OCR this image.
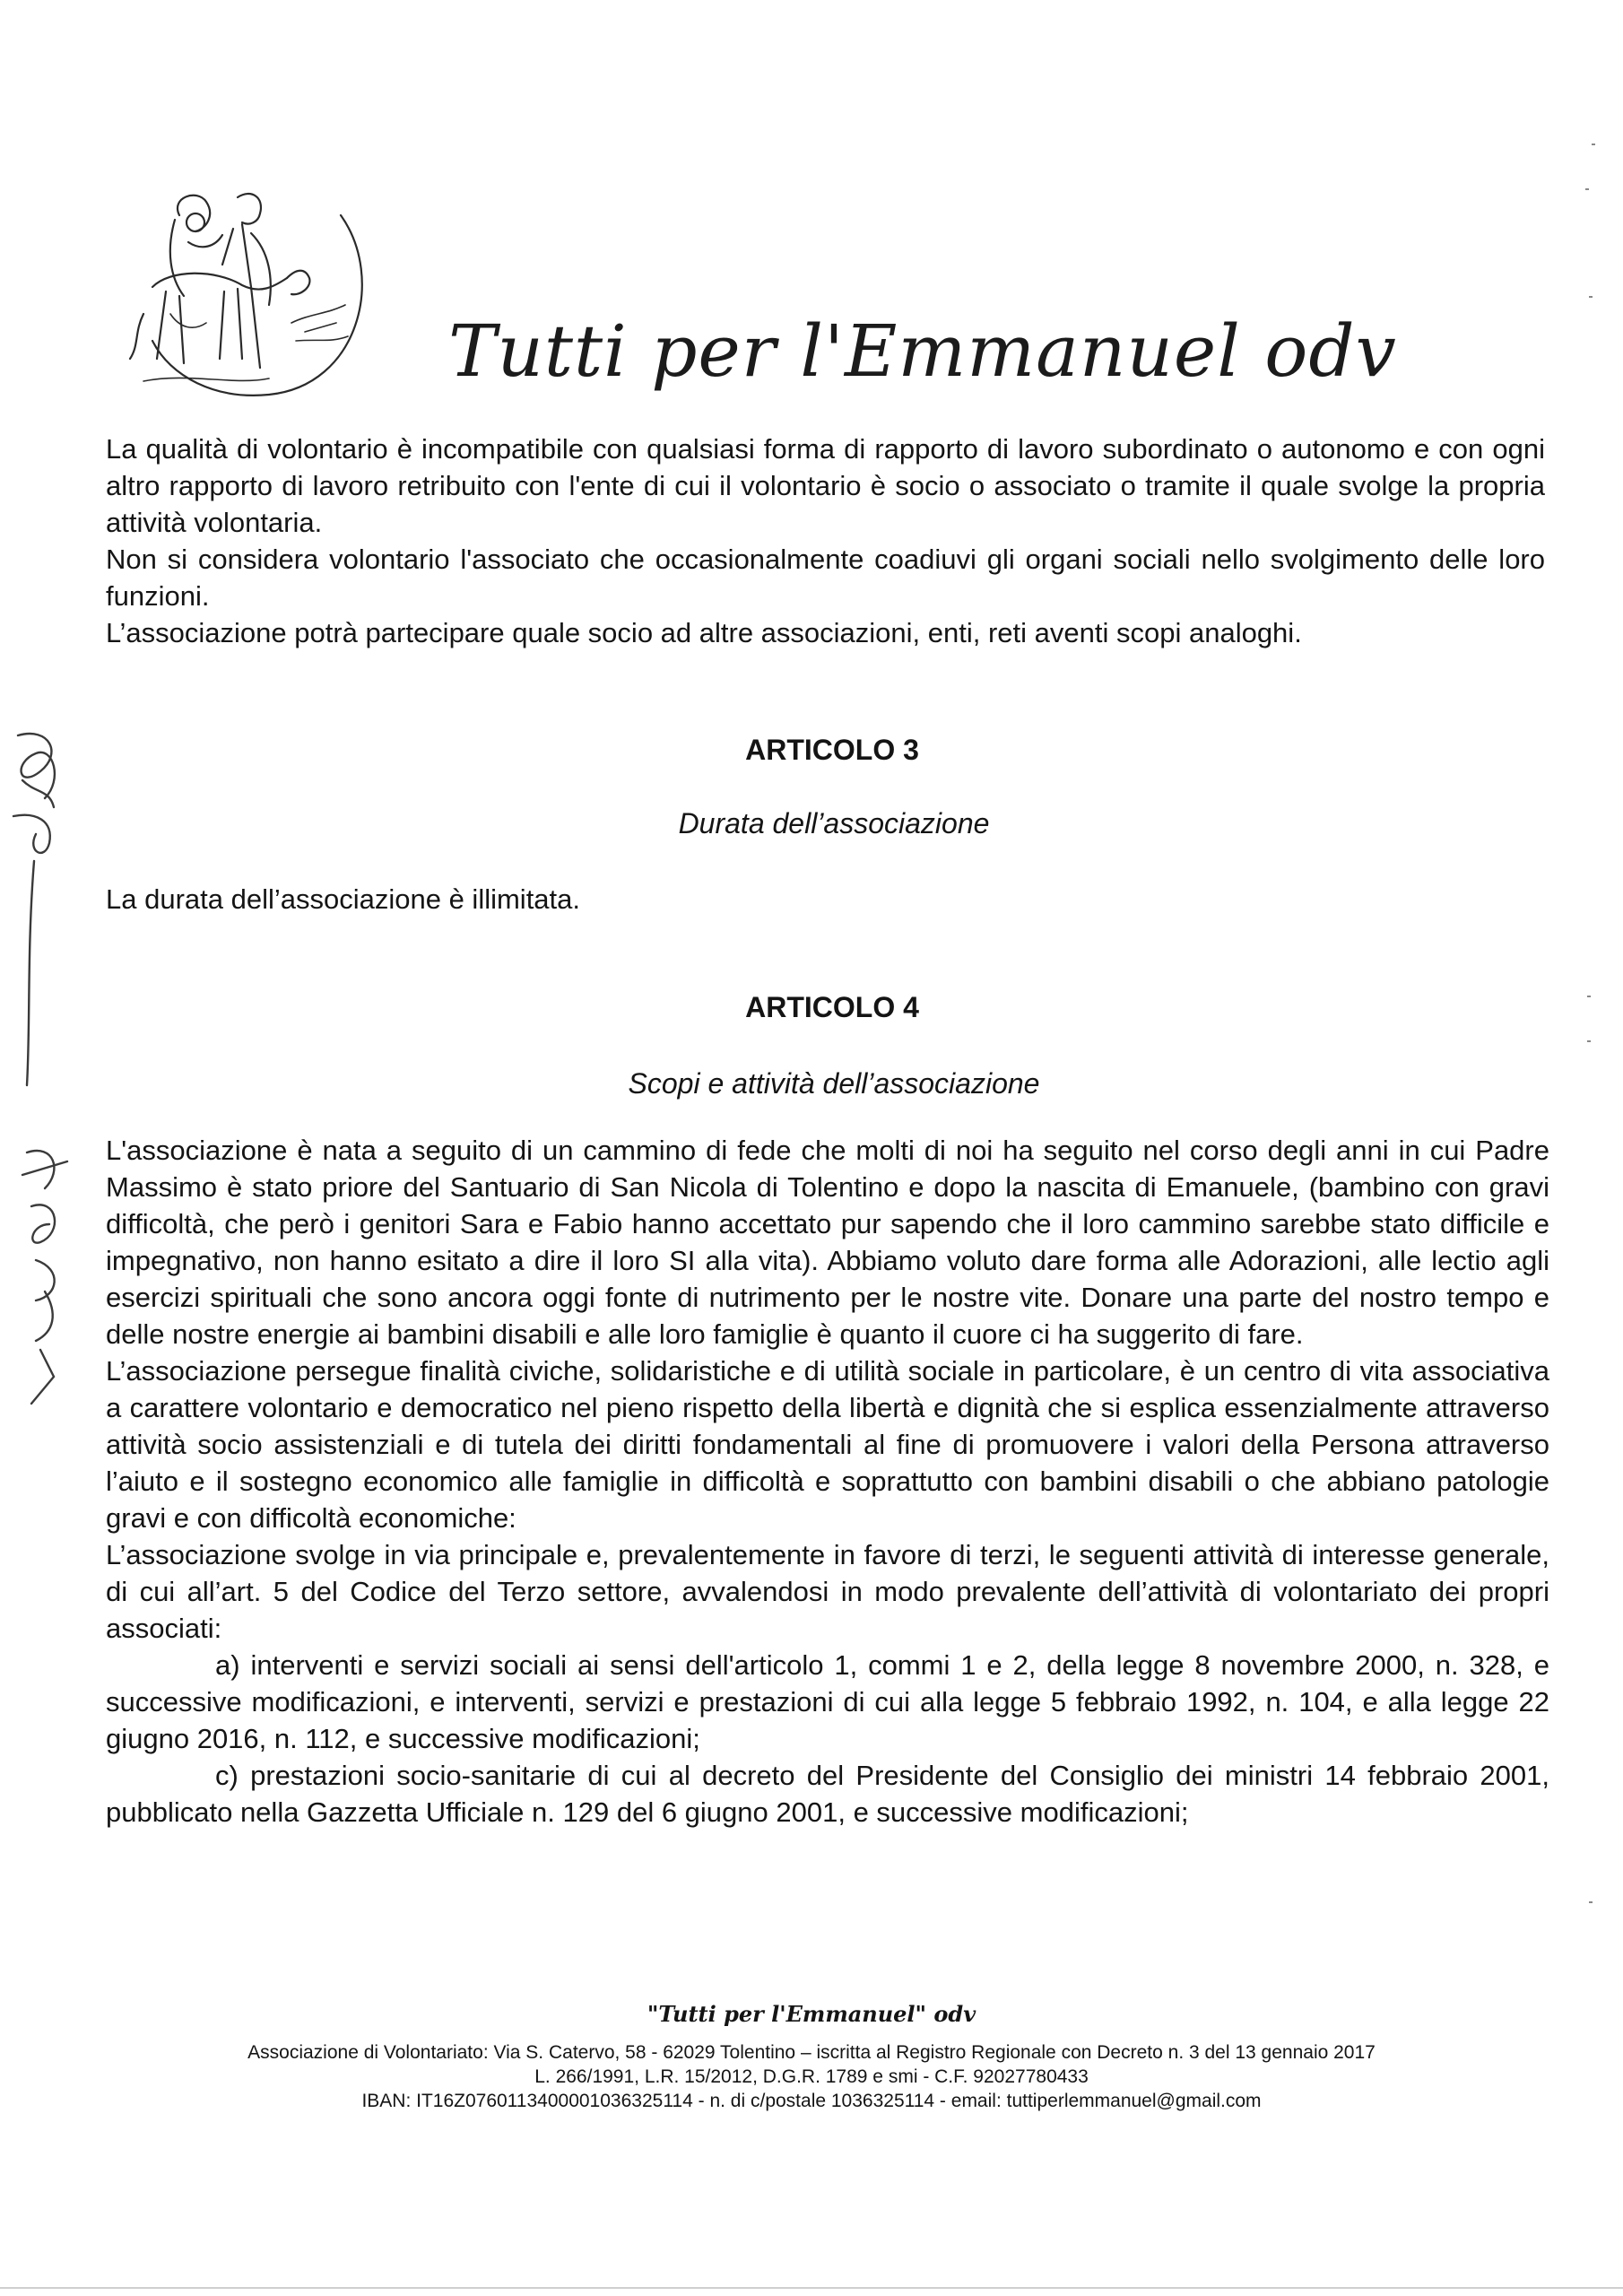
Tutti per l'Emmanuel odv

La qualità di volontario è incompatibile con qualsiasi forma di rapporto di lavoro subordinato o autonomo e con ogni altro rapporto di lavoro retribuito con l'ente di cui il volontario è socio o associato o tramite il quale svolge la propria attività volontaria.

Non si considera volontario l'associato che occasionalmente coadiuvi gli organi sociali nello svolgimento delle loro funzioni.

L’associazione potrà partecipare quale socio ad altre associazioni, enti, reti aventi scopi analoghi.

ARTICOLO 3
Durata dell’associazione
La durata dell’associazione è illimitata.
ARTICOLO 4
Scopi e attività dell’associazione

L'associazione è nata a seguito di un cammino di fede che molti di noi ha seguito nel corso degli anni in cui Padre Massimo è stato priore del Santuario di San Nicola di Tolentino e dopo la nascita di Emanuele, (bambino con gravi difficoltà, che però i genitori Sara e Fabio hanno accettato pur sapendo che il loro cammino sarebbe stato difficile e impegnativo, non hanno esitato a dire il loro SI alla vita). Abbiamo voluto dare forma alle Adorazioni, alle lectio agli esercizi spirituali che sono ancora oggi fonte di nutrimento per le nostre vite. Donare una parte del nostro tempo e delle nostre energie ai bambini disabili e alle loro famiglie è quanto il cuore ci ha suggerito di fare.

L’associazione persegue finalità civiche, solidaristiche e di utilità sociale in particolare, è un centro di vita associativa a carattere volontario e democratico nel pieno rispetto della libertà e dignità che si esplica essenzialmente attraverso attività socio assistenziali e di tutela dei diritti fondamentali al fine di promuovere i valori della Persona attraverso l’aiuto e il sostegno economico alle famiglie in difficoltà e soprattutto con bambini disabili o che abbiano patologie gravi e con difficoltà economiche:

L’associazione svolge in via principale e, prevalentemente in favore di terzi, le seguenti attività di interesse generale, di cui all’art. 5 del Codice del Terzo settore, avvalendosi in modo prevalente dell’attività di volontariato dei propri associati:

a) interventi e servizi sociali ai sensi dell'articolo 1, commi 1 e 2, della legge 8 novembre 2000, n. 328, e successive modificazioni, e interventi, servizi e prestazioni di cui alla legge 5 febbraio 1992, n. 104, e alla legge 22 giugno 2016, n. 112, e successive modificazioni;

c) prestazioni socio-sanitarie di cui al decreto del Presidente del Consiglio dei ministri 14 febbraio 2001, pubblicato nella Gazzetta Ufficiale n. 129 del 6 giugno 2001, e successive modificazioni;

"Tutti per l'Emmanuel" odv
Associazione di Volontariato: Via S. Catervo, 58 - 62029 Tolentino – iscritta al Registro Regionale con Decreto n. 3 del 13 gennaio 2017
L. 266/1991, L.R. 15/2012, D.G.R. 1789 e smi - C.F. 92027780433
IBAN: IT16Z0760113400001036325114 - n. di c/postale 1036325114 - email: tuttiperlemmanuel@gmail.com
